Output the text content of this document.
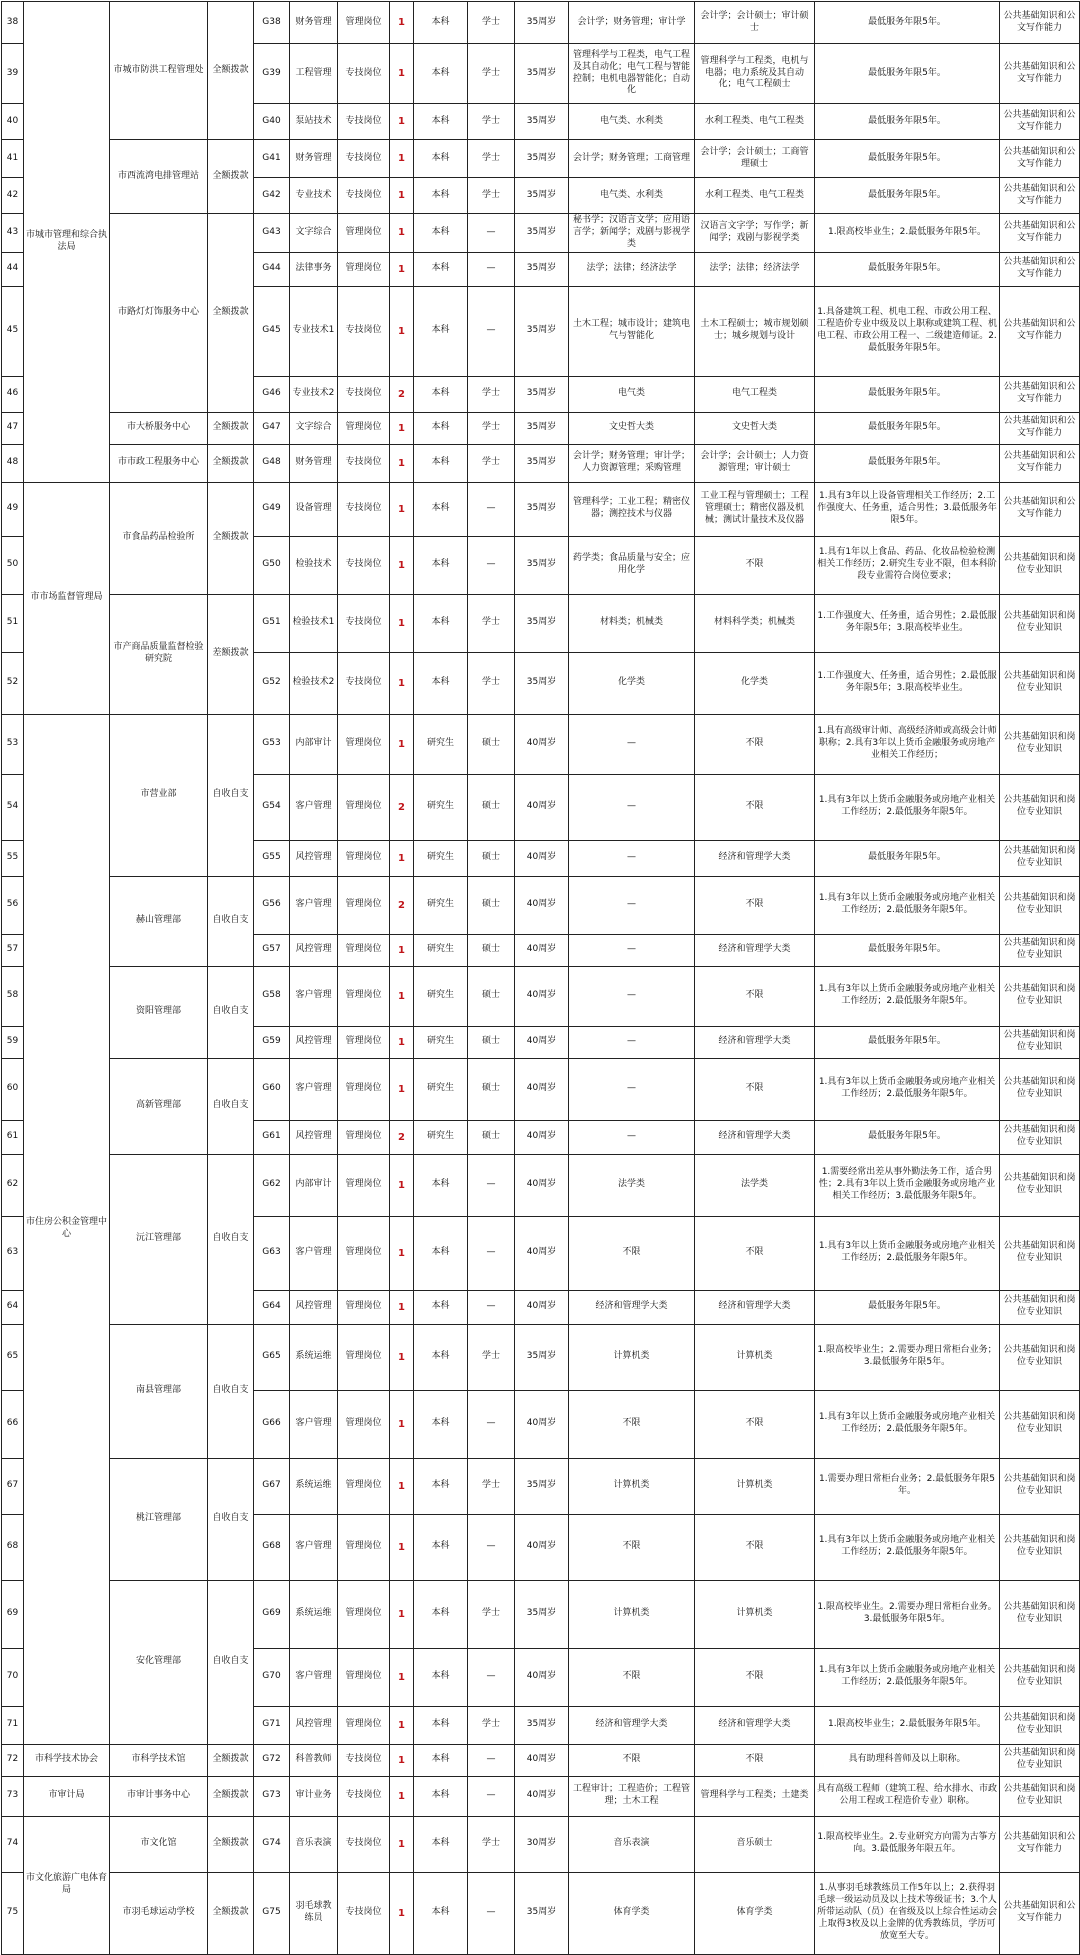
38	市城市管理和综合执法局	市城市防洪工程管理处	全额拨款	G38	财务管理	管理岗位	1	本科	学士	35周岁	会计学；财务管理；审计学	会计学；会计硕士；审计硕士	最低服务年限5年。	公共基础知识和公文写作能力
39				G39	工程管理	专技岗位	1	本科	学士	35周岁	管理科学与工程类，电气工程及其自动化；电气工程与智能控制；电机电器智能化；自动化	管理科学与工程类，电机与电器；电力系统及其自动化；电气工程硕士	最低服务年限5年。	公共基础知识和公文写作能力
40				G40	泵站技术	专技岗位	1	本科	学士	35周岁	电气类、水利类	水利工程类、电气工程类	最低服务年限5年。	公共基础知识和公文写作能力
41		市西流湾电排管理站	全额拨款	G41	财务管理	专技岗位	1	本科	学士	35周岁	会计学；财务管理；工商管理	会计学；会计硕士；工商管理硕士	最低服务年限5年。	公共基础知识和公文写作能力
42				G42	专业技术	专技岗位	1	本科	学士	35周岁	电气类、水利类	水利工程类、电气工程类	最低服务年限5年。	公共基础知识和公文写作能力
43		市路灯灯饰服务中心	全额拨款	G43	文字综合	管理岗位	1	本科	—	35周岁	秘书学；汉语言文学；应用语言学；新闻学；戏剧与影视学类	汉语言文字学；写作学；新闻学；戏剧与影视学类	1.限高校毕业生；2.最低服务年限5年。	公共基础知识和公文写作能力
44				G44	法律事务	管理岗位	1	本科	—	35周岁	法学；法律；经济法学	法学；法律；经济法学	最低服务年限5年。	公共基础知识和公文写作能力
45				G45	专业技术1	专技岗位	1	本科	—	35周岁	土木工程；城市设计；建筑电气与智能化	土木工程硕士；城市规划硕士；城乡规划与设计	1.具备建筑工程、机电工程、市政公用工程、工程造价专业中级及以上职称或建筑工程、机电工程、市政公用工程一、二级建造师证。2.最低服务年限5年。	公共基础知识和公文写作能力
46				G46	专业技术2	专技岗位	2	本科	学士	35周岁	电气类	电气工程类	最低服务年限5年。	公共基础知识和公文写作能力
47		市大桥服务中心	全额拨款	G47	文字综合	管理岗位	1	本科	学士	35周岁	文史哲大类	文史哲大类	最低服务年限5年。	公共基础知识和公文写作能力
48		市市政工程服务中心	全额拨款	G48	财务管理	专技岗位	1	本科	学士	35周岁	会计学；财务管理；审计学；人力资源管理；采购管理	会计学；会计硕士；人力资源管理；审计硕士	最低服务年限5年。	公共基础知识和公文写作能力
49	市市场监督管理局	市食品药品检验所	全额拨款	G49	设备管理	专技岗位	1	本科	—	35周岁	管理科学；工业工程；精密仪器；测控技术与仪器	工业工程与管理硕士；工程管理硕士；精密仪器及机械；测试计量技术及仪器	1.具有3年以上设备管理相关工作经历；2.工作强度大、任务重，适合男性；3.最低服务年限5年。	公共基础知识和公文写作能力
50				G50	检验技术	专技岗位	1	本科	—	35周岁	药学类；食品质量与安全；应用化学	不限	1.具有1年以上食品、药品、化妆品检验检测相关工作经历；2.研究生专业不限，但本科阶段专业需符合岗位要求；	公共基础知识和岗位专业知识
51		市产商品质量监督检验研究院	差额拨款	G51	检验技术1	专技岗位	1	本科	学士	35周岁	材料类；机械类	材料科学类；机械类	1.工作强度大、任务重，适合男性；2.最低服务年限5年；3.限高校毕业生。	公共基础知识和岗位专业知识
52				G52	检验技术2	专技岗位	1	本科	学士	35周岁	化学类	化学类	1.工作强度大、任务重，适合男性；2.最低服务年限5年；3.限高校毕业生。	公共基础知识和岗位专业知识
53	市住房公积金管理中心	市营业部	自收自支	G53	内部审计	管理岗位	1	研究生	硕士	40周岁	—	不限	1.具有高级审计师、高级经济师或高级会计师职称；2.具有3年以上货币金融服务或房地产业相关工作经历；	公共基础知识和岗位专业知识
54				G54	客户管理	管理岗位	2	研究生	硕士	40周岁	—	不限	1.具有3年以上货币金融服务或房地产业相关工作经历；2.最低服务年限5年。	公共基础知识和岗位专业知识
55				G55	风控管理	管理岗位	1	研究生	硕士	40周岁	—	经济和管理学大类	最低服务年限5年。	公共基础知识和岗位专业知识
56		赫山管理部	自收自支	G56	客户管理	管理岗位	2	研究生	硕士	40周岁	—	不限	1.具有3年以上货币金融服务或房地产业相关工作经历；2.最低服务年限5年。	公共基础知识和岗位专业知识
57				G57	风控管理	管理岗位	1	研究生	硕士	40周岁	—	经济和管理学大类	最低服务年限5年。	公共基础知识和岗位专业知识
58		资阳管理部	自收自支	G58	客户管理	管理岗位	1	研究生	硕士	40周岁	—	不限	1.具有3年以上货币金融服务或房地产业相关工作经历；2.最低服务年限5年。	公共基础知识和岗位专业知识
59				G59	风控管理	管理岗位	1	研究生	硕士	40周岁	—	经济和管理学大类	最低服务年限5年。	公共基础知识和岗位专业知识
60		高新管理部	自收自支	G60	客户管理	管理岗位	1	研究生	硕士	40周岁	—	不限	1.具有3年以上货币金融服务或房地产业相关工作经历；2.最低服务年限5年。	公共基础知识和岗位专业知识
61				G61	风控管理	管理岗位	2	研究生	硕士	40周岁	—	经济和管理学大类	最低服务年限5年。	公共基础知识和岗位专业知识
62		沅江管理部	自收自支	G62	内部审计	管理岗位	1	本科	—	40周岁	法学类	法学类	1.需要经常出差从事外勤法务工作，适合男性；2.具有3年以上货币金融服务或房地产业相关工作经历；3.最低服务年限5年。	公共基础知识和岗位专业知识
63				G63	客户管理	管理岗位	1	本科	—	40周岁	不限	不限	1.具有3年以上货币金融服务或房地产业相关工作经历；2.最低服务年限5年。	公共基础知识和岗位专业知识
64				G64	风控管理	管理岗位	1	本科	—	40周岁	经济和管理学大类	经济和管理学大类	最低服务年限5年。	公共基础知识和岗位专业知识
65		南县管理部	自收自支	G65	系统运维	管理岗位	1	本科	学士	35周岁	计算机类	计算机类	1.限高校毕业生；2.需要办理日常柜台业务；3.最低服务年限5年。	公共基础知识和岗位专业知识
66				G66	客户管理	管理岗位	1	本科	—	40周岁	不限	不限	1.具有3年以上货币金融服务或房地产业相关工作经历；2.最低服务年限5年。	公共基础知识和岗位专业知识
67		桃江管理部	自收自支	G67	系统运维	管理岗位	1	本科	学士	35周岁	计算机类	计算机类	1.需要办理日常柜台业务；2.最低服务年限5年。	公共基础知识和岗位专业知识
68				G68	客户管理	管理岗位	1	本科	—	40周岁	不限	不限	1.具有3年以上货币金融服务或房地产业相关工作经历；2.最低服务年限5年。	公共基础知识和岗位专业知识
69		安化管理部	自收自支	G69	系统运维	管理岗位	1	本科	学士	35周岁	计算机类	计算机类	1.限高校毕业生。2.需要办理日常柜台业务。3.最低服务年限5年。	公共基础知识和岗位专业知识
70				G70	客户管理	管理岗位	1	本科	—	40周岁	不限	不限	1.具有3年以上货币金融服务或房地产业相关工作经历；2.最低服务年限5年。	公共基础知识和岗位专业知识
71				G71	风控管理	管理岗位	1	本科	学士	35周岁	经济和管理学大类	经济和管理学大类	1.限高校毕业生；2.最低服务年限5年。	公共基础知识和岗位专业知识
72	市科学技术协会	市科学技术馆	全额拨款	G72	科普教师	专技岗位	1	本科	—	40周岁	不限	不限	具有助理科普师及以上职称。	公共基础知识和岗位专业知识
73	市审计局	市审计事务中心	全额拨款	G73	审计业务	专技岗位	1	本科	—	40周岁	工程审计；工程造价；工程管理；土木工程	管理科学与工程类；土建类	具有高级工程师（建筑工程、给水排水、市政公用工程或工程造价专业）职称。	公共基础知识和岗位专业知识
74	市文化旅游广电体育局	市文化馆	全额拨款	G74	音乐表演	专技岗位	1	本科	学士	30周岁	音乐表演	音乐硕士	1.限高校毕业生。2.专业研究方向需为古筝方向。3.最低服务年限五年。	公共基础知识和公文写作能力
75		市羽毛球运动学校	全额拨款	G75	羽毛球教练员	专技岗位	1	本科	—	35周岁	体育学类	体育学类	1.从事羽毛球教练员工作5年以上；2.获得羽毛球一级运动员及以上技术等级证书；3.个人所带运动队（员）在省级及以上综合性运动会上取得3枚及以上金牌的优秀教练员，学历可放宽至大专。	公共基础知识和公文写作能力
